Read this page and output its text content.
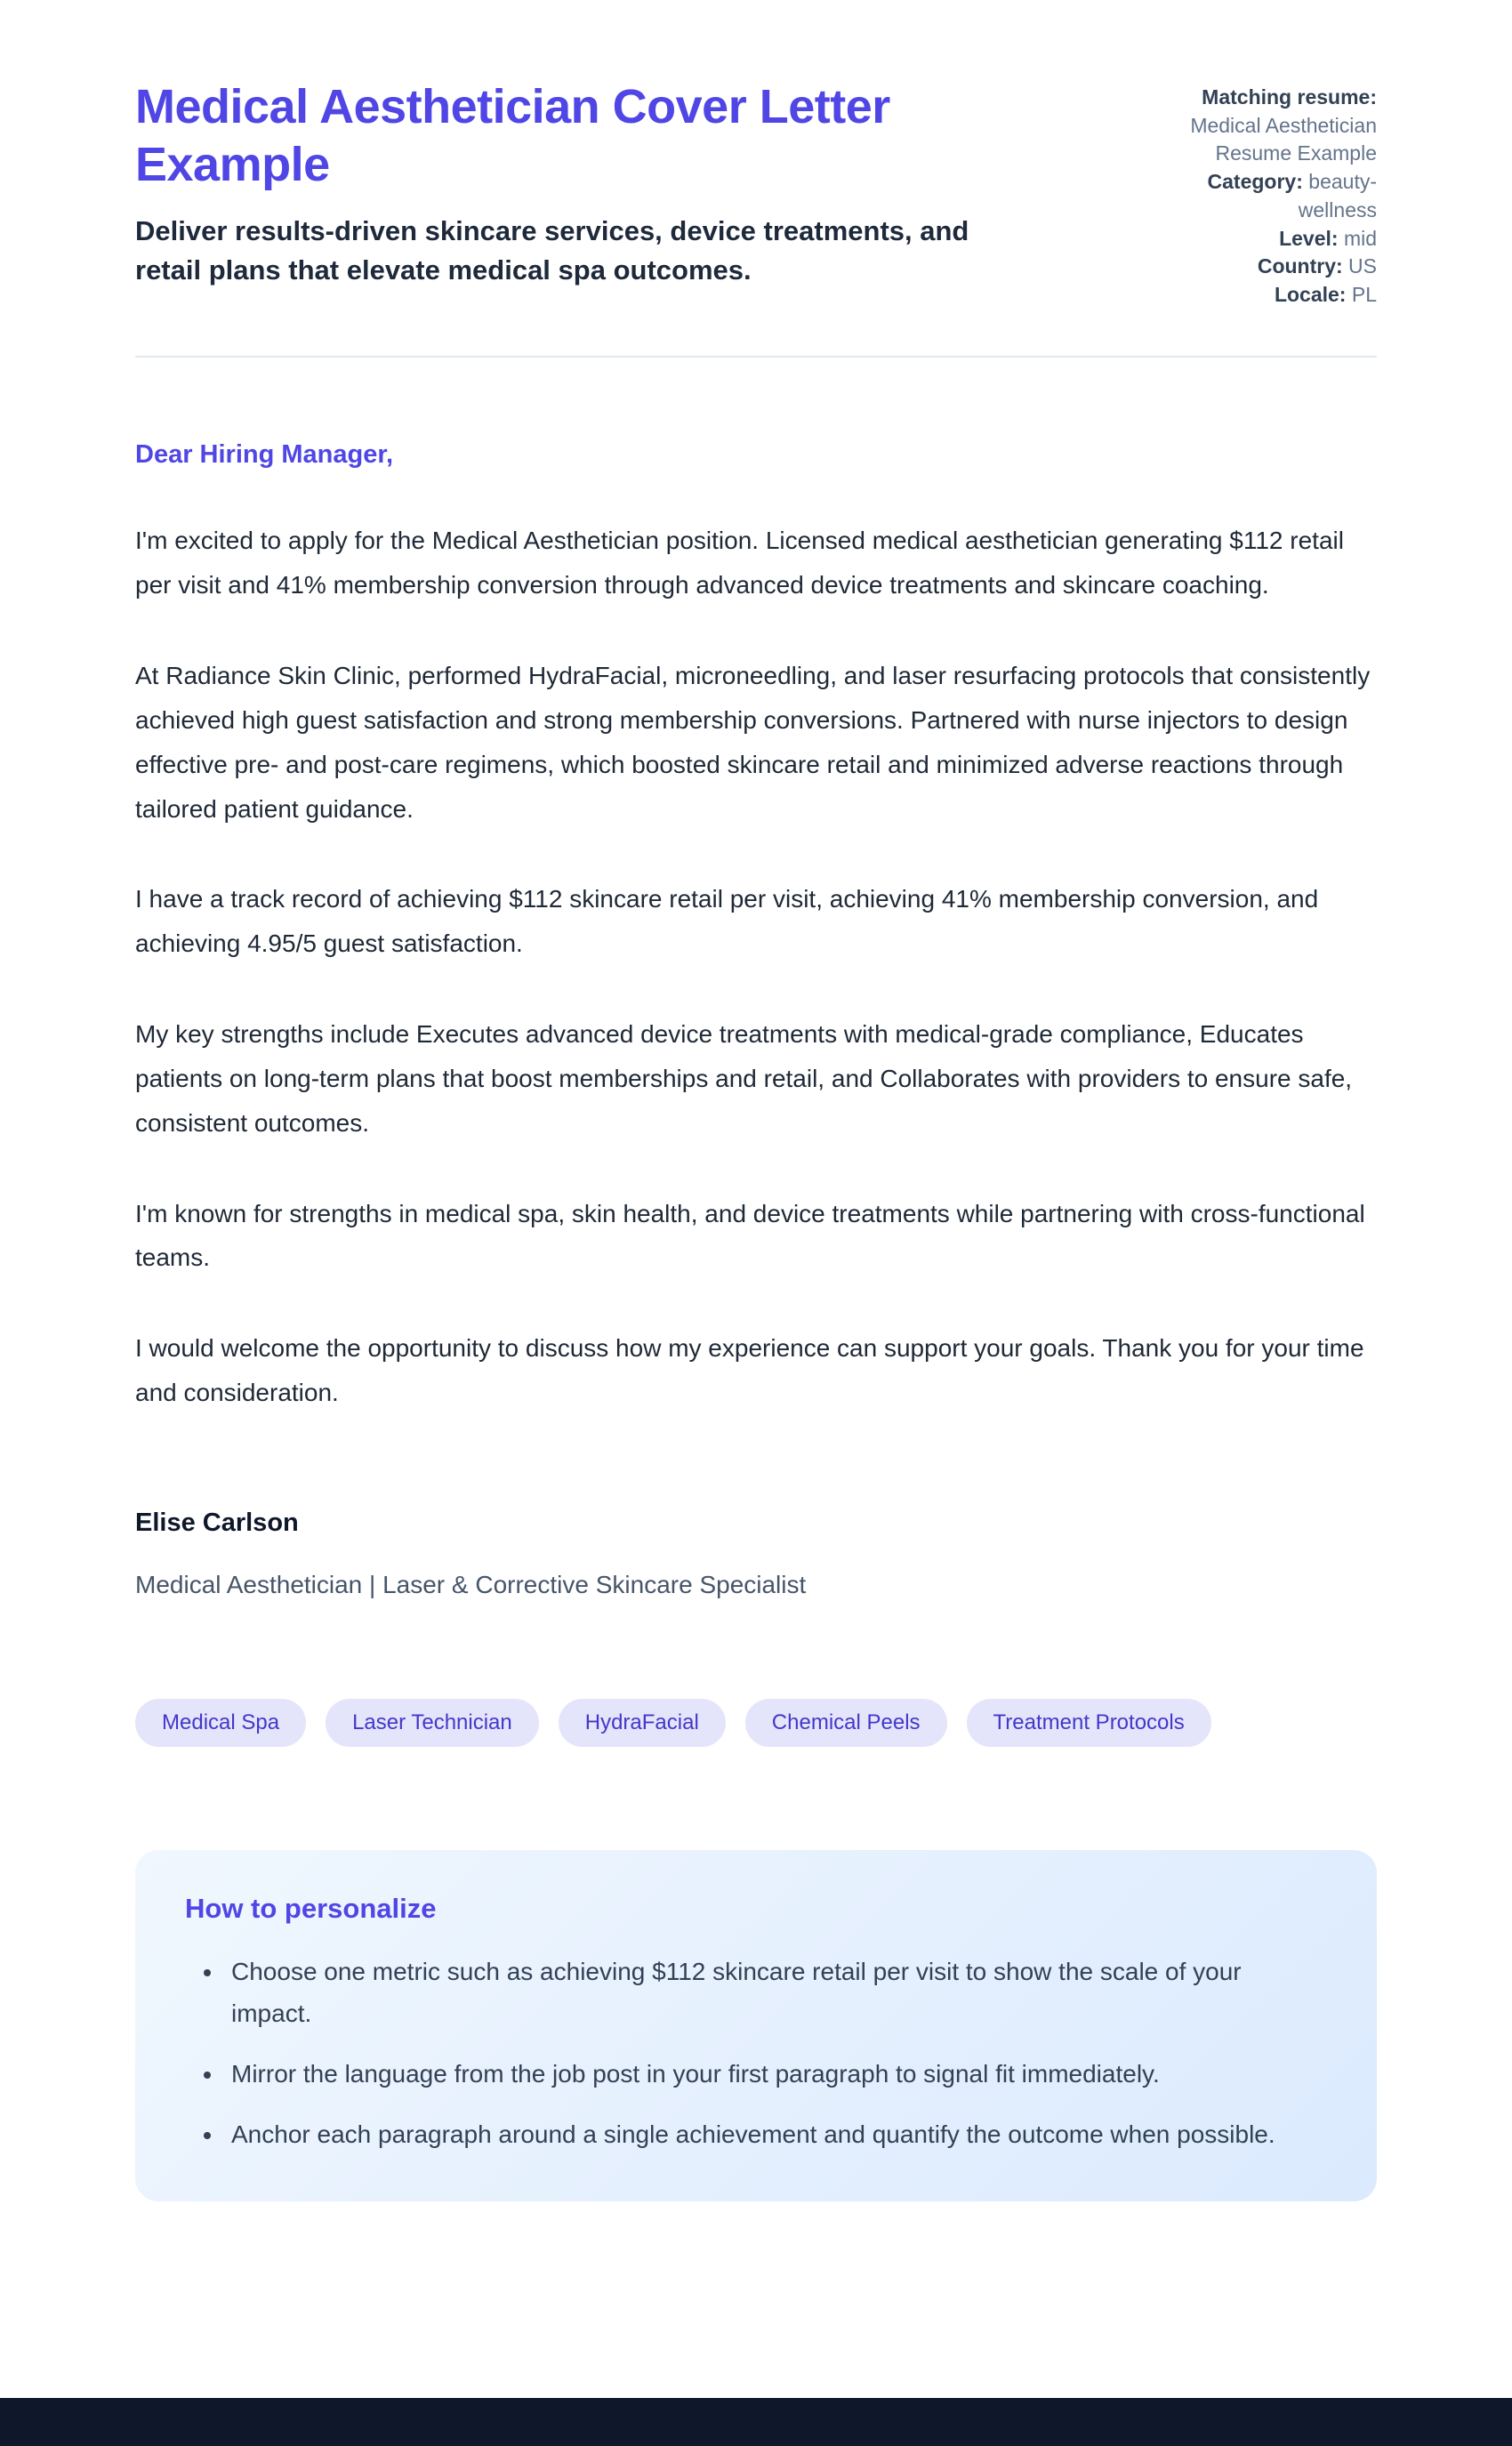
Medical Aesthetician Cover Letter Example

Deliver results-driven skincare services, device treatments, and retail plans that elevate medical spa outcomes.

Matching resume: Medical Aesthetician Resume Example
Category: beauty-wellness
Level: mid
Country: US
Locale: PL

Dear Hiring Manager,

I'm excited to apply for the Medical Aesthetician position. Licensed medical aesthetician generating $112 retail per visit and 41% membership conversion through advanced device treatments and skincare coaching.

At Radiance Skin Clinic, performed HydraFacial, microneedling, and laser resurfacing protocols that consistently achieved high guest satisfaction and strong membership conversions. Partnered with nurse injectors to design effective pre- and post-care regimens, which boosted skincare retail and minimized adverse reactions through tailored patient guidance.

I have a track record of achieving $112 skincare retail per visit, achieving 41% membership conversion, and achieving 4.95/5 guest satisfaction.

My key strengths include Executes advanced device treatments with medical-grade compliance, Educates patients on long-term plans that boost memberships and retail, and Collaborates with providers to ensure safe, consistent outcomes.

I'm known for strengths in medical spa, skin health, and device treatments while partnering with cross-functional teams.

I would welcome the opportunity to discuss how my experience can support your goals. Thank you for your time and consideration.

Elise Carlson

Medical Aesthetician | Laser & Corrective Skincare Specialist

Medical Spa	Laser Technician	HydraFacial	Chemical Peels	Treatment Protocols
How to personalize
• Choose one metric such as achieving $112 skincare retail per visit to show the scale of your impact.
• Mirror the language from the job post in your first paragraph to signal fit immediately.
• Anchor each paragraph around a single achievement and quantify the outcome when possible.
